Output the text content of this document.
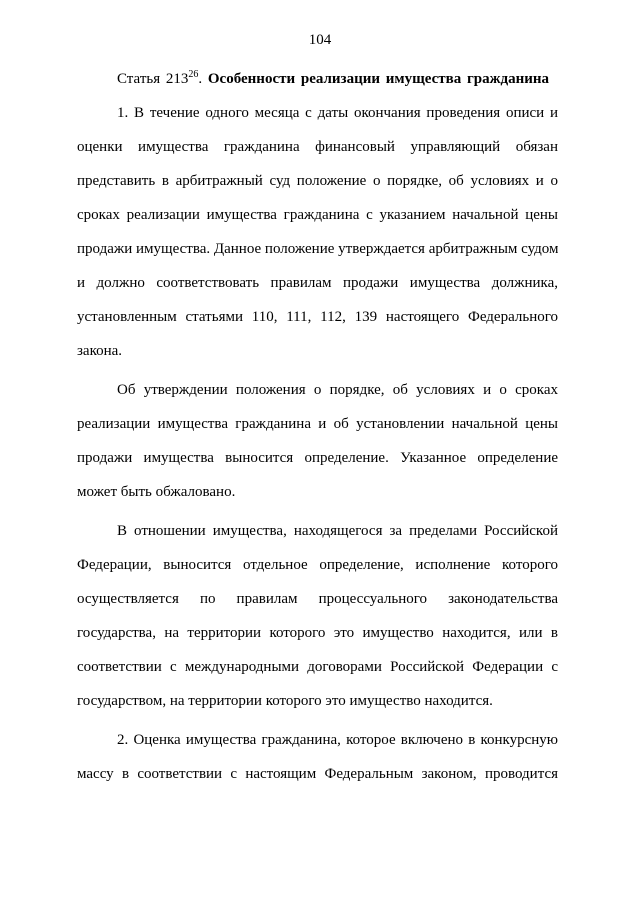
104
Статья $213^{26}$. Особенности реализации имущества гражданина
1. В течение одного месяца с даты окончания проведения описи и
оценки имущества гражданина финансовый управляющий обязан
представить в арбитражный суд положение о порядке, об условиях и о
сроках реализации имущества гражданина с указанием начальной цены
продажи имущества. Данное положение утверждается арбитражным судом
и должно соответствовать правилам продажи имущества должника,
установленным статьями 110, 111, 112, 139 настоящего Федерального
закона.
Об утверждении положения о порядке, об условиях и о сроках
реализации имущества гражданина и об установлении начальной цены
продажи имущества выносится определение. Указанное определение
может быть обжаловано.
В отношении имущества, находящегося за пределами Российской
Федерации, выносится отдельное определение, исполнение которого
осуществляется по правилам процессуального законодательства
государства, на территории которого это имущество находится, или в
соответствии с международными договорами Российской Федерации с
государством, на территории которого это имущество находится.
2. Оценка имущества гражданина, которое включено в конкурсную
массу в соответствии с настоящим Федеральным законом, проводится
